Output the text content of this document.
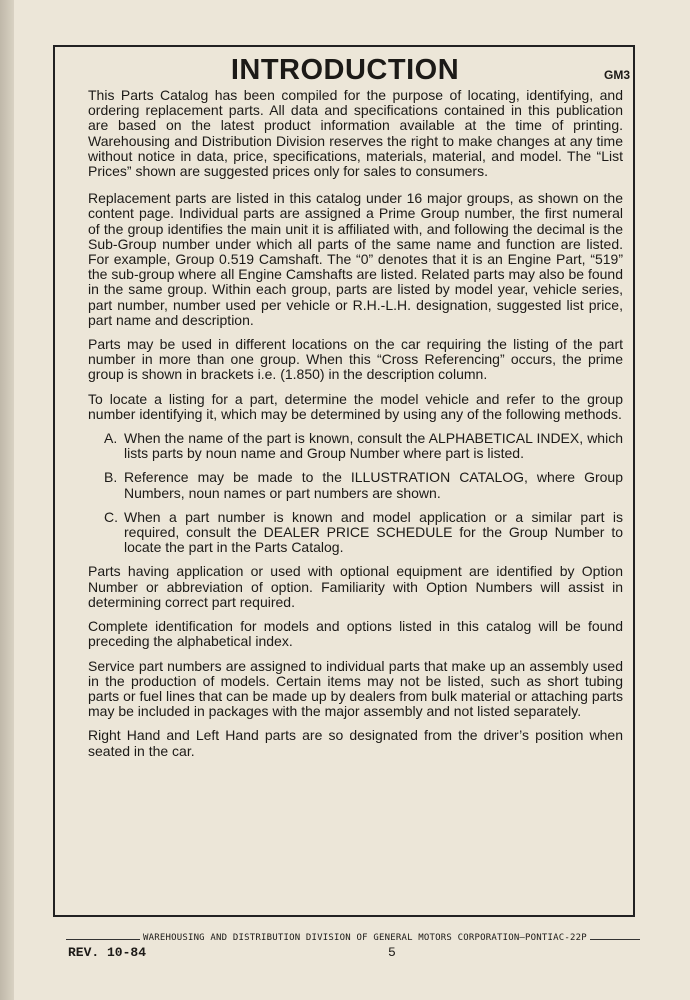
INTRODUCTION	GM3

This Parts Catalog has been compiled for the purpose of locating, identifying, and ordering replacement parts. All data and specifications contained in this publication are based on the latest product information available at the time of printing. Warehousing and Distribution Division reserves the right to make changes at any time without notice in data, price, specifications, materials, material, and model. The “List Prices” shown are suggested prices only for sales to consumers.

Replacement parts are listed in this catalog under 16 major groups, as shown on the content page. Individual parts are assigned a Prime Group number, the first numeral of the group identifies the main unit it is affiliated with, and following the decimal is the Sub-Group number under which all parts of the same name and function are listed. For example, Group 0.519 Camshaft. The “0” denotes that it is an Engine Part, “519” the sub-group where all Engine Camshafts are listed. Related parts may also be found in the same group. Within each group, parts are listed by model year, vehicle series, part number, number used per vehicle or R.H.-L.H. designation, suggested list price, part name and description.

Parts may be used in different locations on the car requiring the listing of the part number in more than one group. When this “Cross Referencing” occurs, the prime group is shown in brackets i.e. (1.850) in the description column.

To locate a listing for a part, determine the model vehicle and refer to the group number identifying it, which may be determined by using any of the following methods.

A. When the name of the part is known, consult the ALPHABETICAL INDEX, which lists parts by noun name and Group Number where part is listed.
B. Reference may be made to the ILLUSTRATION CATALOG, where Group Numbers, noun names or part numbers are shown.
C. When a part number is known and model application or a similar part is required, consult the DEALER PRICE SCHEDULE for the Group Number to locate the part in the Parts Catalog.

Parts having application or used with optional equipment are identified by Option Number or abbreviation of option. Familiarity with Option Numbers will assist in determining correct part required.

Complete identification for models and options listed in this catalog will be found preceding the alphabetical index.

Service part numbers are assigned to individual parts that make up an assembly used in the production of models. Certain items may not be listed, such as short tubing parts or fuel lines that can be made up by dealers from bulk material or attaching parts may be included in packages with the major assembly and not listed separately.

Right Hand and Left Hand parts are so designated from the driver’s position when seated in the car.

WAREHOUSING AND DISTRIBUTION DIVISION OF GENERAL MOTORS CORPORATION—PONTIAC-22P
REV. 10-84	5
